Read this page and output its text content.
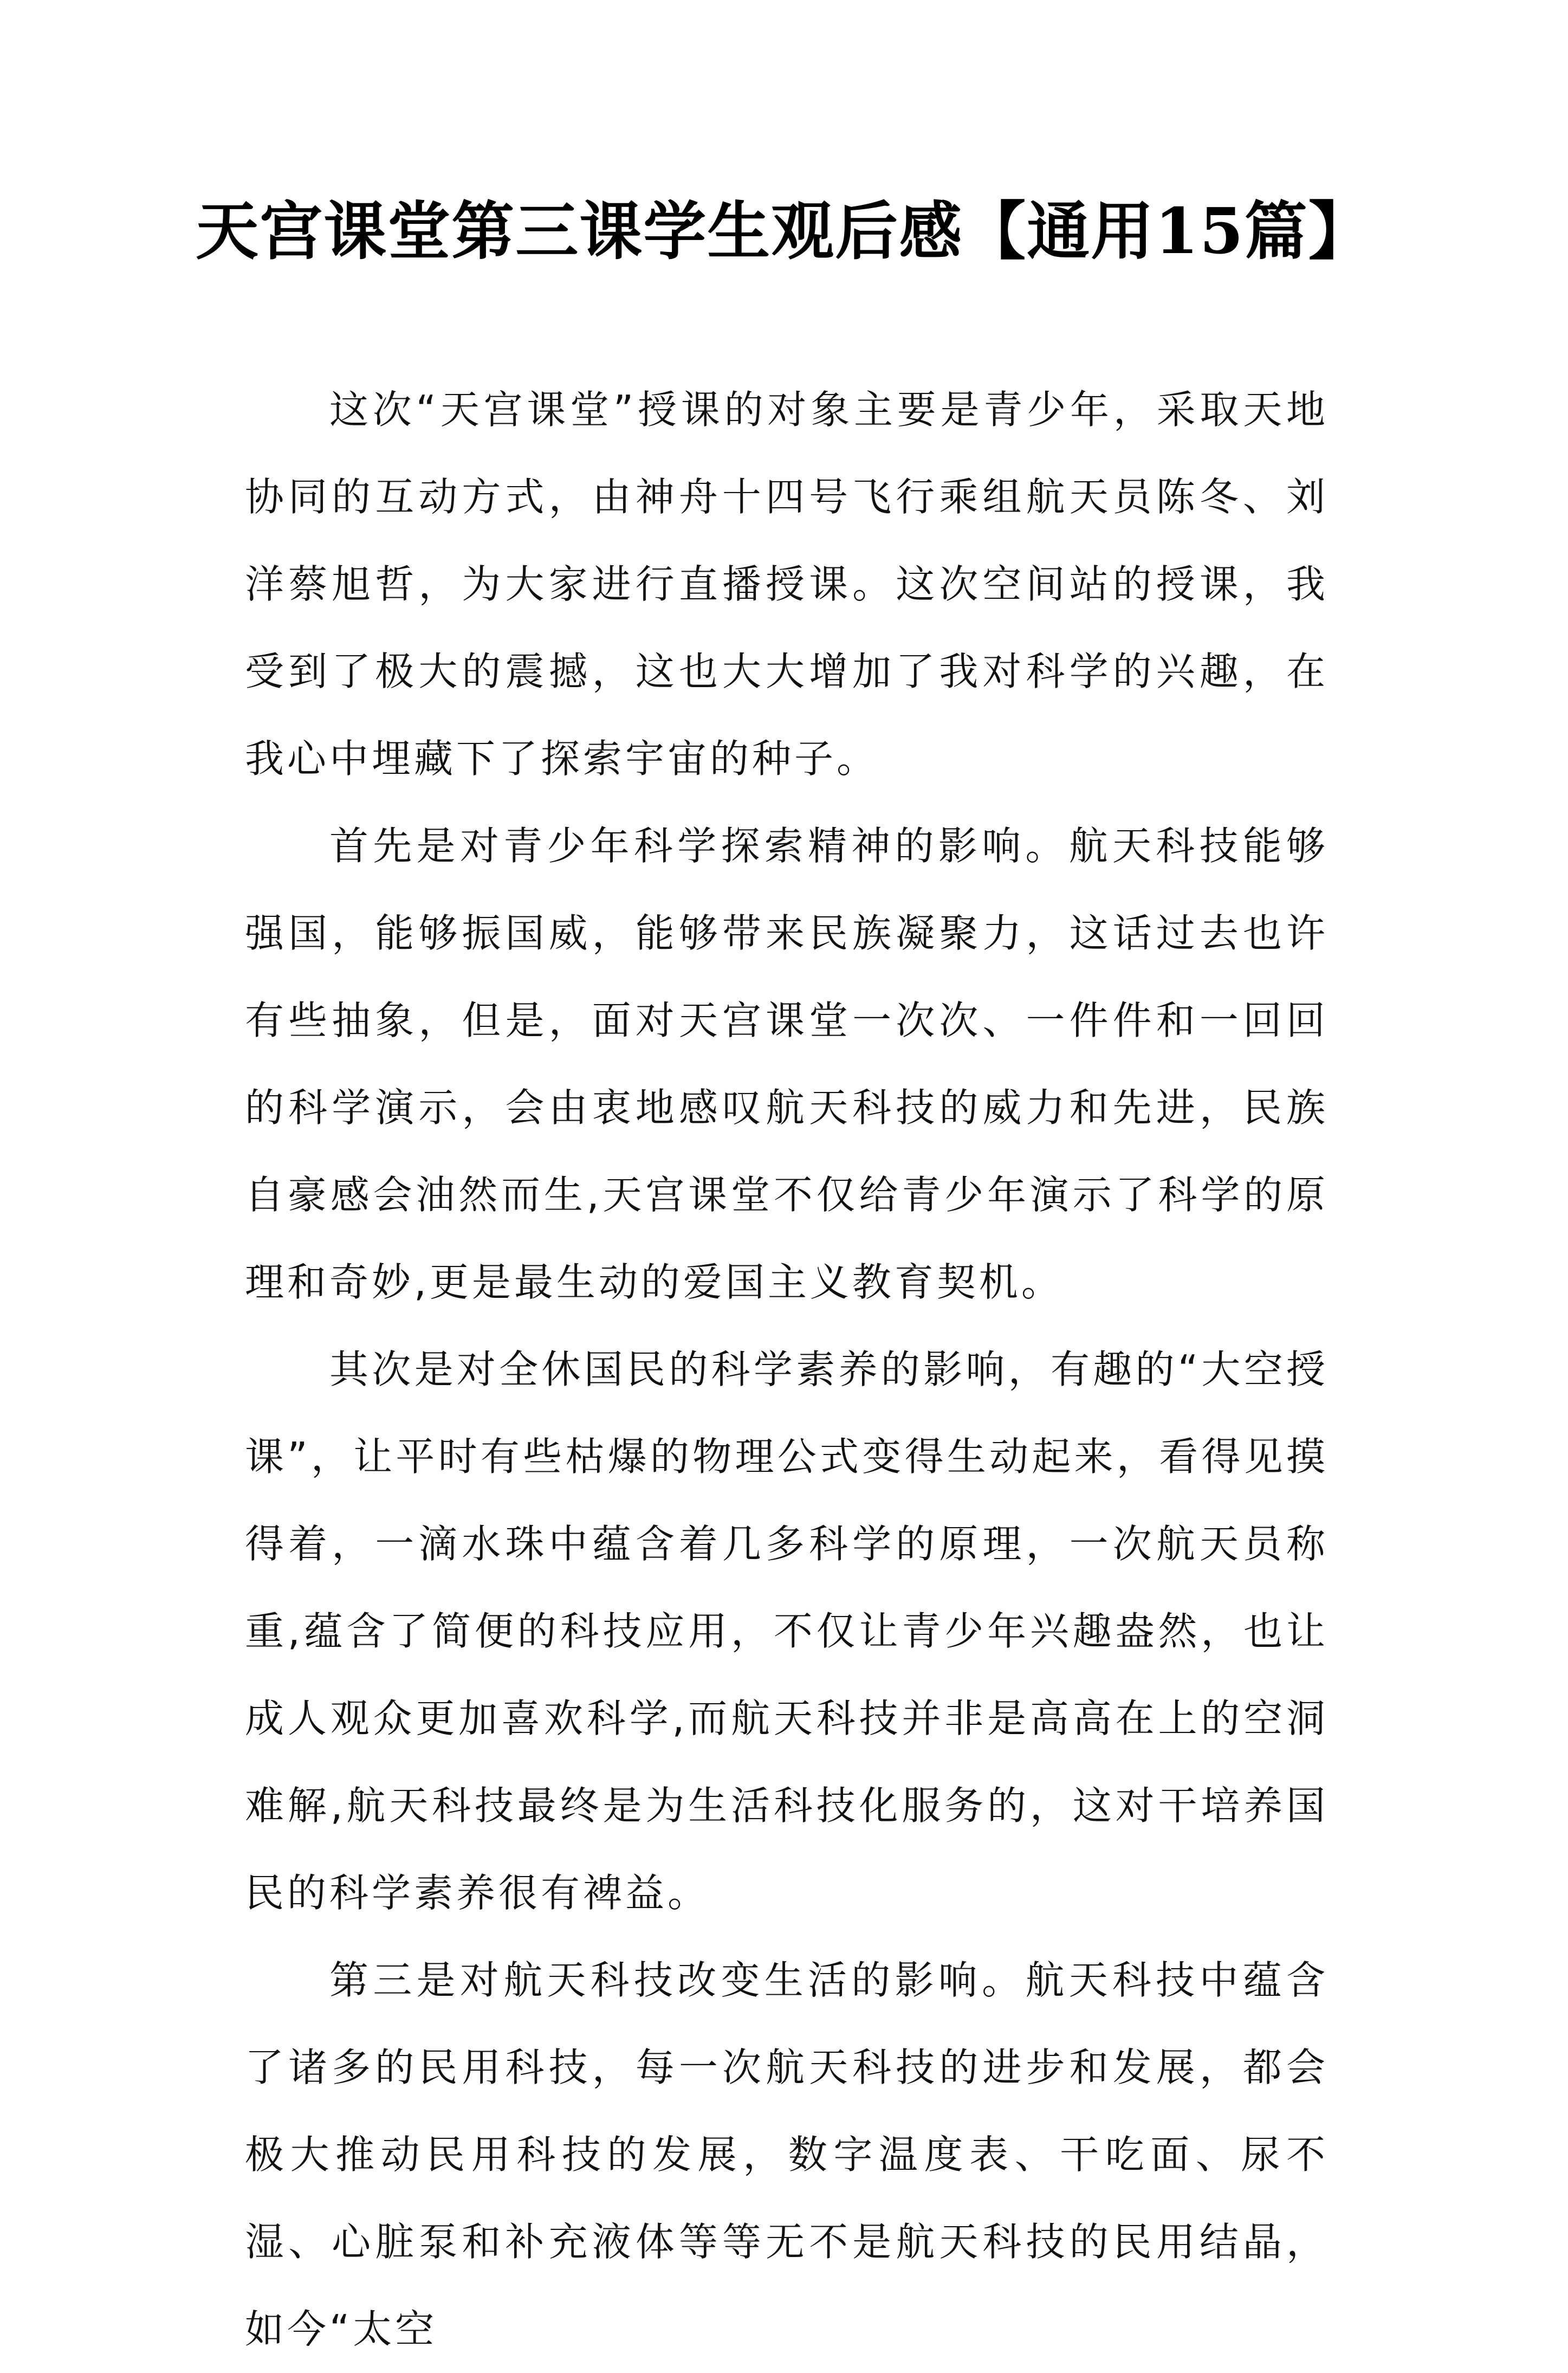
天宫课堂第三课学生观后感【通用15篇】

这次“天宫课堂”授课的对象主要是青少年，采取天地协同的互动方式，由神舟十四号飞行乘组航天员陈冬、刘洋蔡旭哲，为大家进行直播授课。这次空间站的授课，我受到了极大的震撼，这也大大增加了我对科学的兴趣，在我心中埋藏下了探索宇宙的种子。

首先是对青少年科学探索精神的影响。航天科技能够强国，能够振国威，能够带来民族凝聚力，这话过去也许有些抽象，但是，面对天宫课堂一次次、一件件和一回回的科学演示，会由衷地感叹航天科技的威力和先进，民族自豪感会油然而生,天宫课堂不仅给青少年演示了科学的原理和奇妙,更是最生动的爱国主义教育契机。

其次是对全休国民的科学素养的影响，有趣的“大空授课”，让平时有些枯爆的物理公式变得生动起来，看得见摸得着，一滴水珠中蕴含着几多科学的原理，一次航天员称重,蕴含了简便的科技应用，不仅让青少年兴趣盎然，也让成人观众更加喜欢科学,而航天科技并非是高高在上的空洞难解,航天科技最终是为生活科技化服务的，这对干培养国民的科学素养很有裨益。

第三是对航天科技改变生活的影响。航天科技中蕴含了诸多的民用科技，每一次航天科技的进步和发展，都会极大推动民用科技的发展，数字温度表、干吃面、尿不湿、心脏泵和补充液体等等无不是航天科技的民用结晶，如今“太空
